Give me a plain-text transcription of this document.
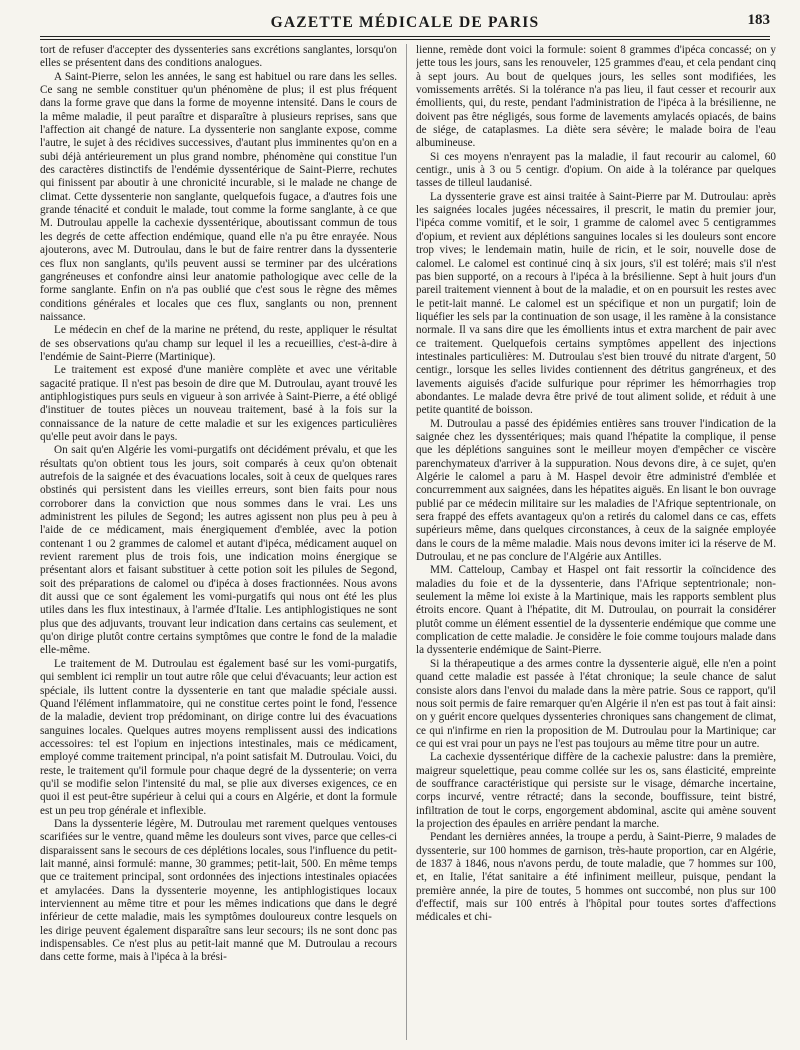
GAZETTE MÉDICALE DE PARIS	183

tort de refuser d'accepter des dyssenteries sans excrétions sanglantes, lorsqu'on elles se présentent dans des conditions analogues.

A Saint-Pierre, selon les années, le sang est habituel ou rare dans les selles. Ce sang ne semble constituer qu'un phénomène de plus; il est plus fréquent dans la forme grave que dans la forme de moyenne intensité. Dans le cours de la même maladie, il peut paraître et disparaître à plusieurs reprises, sans que l'affection ait changé de nature. La dyssenterie non sanglante expose, comme l'autre, le sujet à des récidives successives, d'autant plus imminentes qu'on en a subi déjà antérieurement un plus grand nombre, phénomène qui constitue l'un des caractères distinctifs de l'endémie dyssentérique de Saint-Pierre, rechutes qui finissent par aboutir à une chronicité incurable, si le malade ne change de climat. Cette dyssenterie non sanglante, quelquefois fugace, a d'autres fois une grande ténacité et conduit le malade, tout comme la forme sanglante, à ce que M. Dutroulau appelle la cachexie dyssentérique, aboutissant commun de tous les degrés de cette affection endémique, quand elle n'a pu être enrayée. Nous ajouterons, avec M. Dutroulau, dans le but de faire rentrer dans la dyssenterie ces flux non sanglants, qu'ils peuvent aussi se terminer par des ulcérations gangréneuses et confondre ainsi leur anatomie pathologique avec celle de la forme sanglante. Enfin on n'a pas oublié que c'est sous le règne des mêmes conditions générales et locales que ces flux, sanglants ou non, prennent naissance.

Le médecin en chef de la marine ne prétend, du reste, appliquer le résultat de ses observations qu'au champ sur lequel il les a recueillies, c'est-à-dire à l'endémie de Saint-Pierre (Martinique).

Le traitement est exposé d'une manière complète et avec une véritable sagacité pratique. Il n'est pas besoin de dire que M. Dutroulau, ayant trouvé les antiphlogistiques purs seuls en vigueur à son arrivée à Saint-Pierre, a été obligé d'instituer de toutes pièces un nouveau traitement, basé à la fois sur la connaissance de la nature de cette maladie et sur les exigences particulières qu'elle peut avoir dans le pays.

On sait qu'en Algérie les vomi-purgatifs ont décidément prévalu, et que les résultats qu'on obtient tous les jours, soit comparés à ceux qu'on obtenait autrefois de la saignée et des évacuations locales, soit à ceux de quelques rares obstinés qui persistent dans les vieilles erreurs, sont bien faits pour nous corroborer dans la conviction que nous sommes dans le vrai. Les uns administrent les pilules de Segond; les autres agissent non plus peu à peu à l'aide de ce médicament, mais énergiquement d'emblée, avec la potion contenant 1 ou 2 grammes de calomel et autant d'ipéca, médicament auquel on revient rarement plus de trois fois, une indication moins énergique se présentant alors et faisant substituer à cette potion soit les pilules de Segond, soit des préparations de calomel ou d'ipéca à doses fractionnées. Nous avons dit aussi que ce sont également les vomi-purgatifs qui nous ont été les plus utiles dans les flux intestinaux, à l'armée d'Italie. Les antiphlogistiques ne sont plus que des adjuvants, trouvant leur indication dans certains cas seulement, et qu'on dirige plutôt contre certains symptômes que contre le fond de la maladie elle-même.

Le traitement de M. Dutroulau est également basé sur les vomi-purgatifs, qui semblent ici remplir un tout autre rôle que celui d'évacuants; leur action est spéciale, ils luttent contre la dyssenterie en tant que maladie spéciale aussi. Quand l'élément inflammatoire, qui ne constitue certes point le fond, l'essence de la maladie, devient trop prédominant, on dirige contre lui des évacuations sanguines locales. Quelques autres moyens remplissent aussi des indications accessoires: tel est l'opium en injections intestinales, mais ce médicament, employé comme traitement principal, n'a point satisfait M. Dutroulau. Voici, du reste, le traitement qu'il formule pour chaque degré de la dyssenterie; on verra qu'il se modifie selon l'intensité du mal, se plie aux diverses exigences, ce en quoi il est peut-être supérieur à celui qui a cours en Algérie, et dont la formule est un peu trop générale et inflexible.

Dans la dyssenterie légère, M. Dutroulau met rarement quelques ventouses scarifiées sur le ventre, quand même les douleurs sont vives, parce que celles-ci disparaissent sans le secours de ces déplétions locales, sous l'influence du petit-lait manné, ainsi formulé: manne, 30 grammes; petit-lait, 500. En même temps que ce traitement principal, sont ordonnées des injections intestinales opiacées et amylacées. Dans la dyssenterie moyenne, les antiphlogistiques locaux interviennent au même titre et pour les mêmes indications que dans le degré inférieur de cette maladie, mais les symptômes douloureux contre lesquels on les dirige peuvent également disparaître sans leur secours; ils ne sont donc pas indispensables. Ce n'est plus au petit-lait manné que M. Dutroulau a recours dans cette forme, mais à l'ipéca à la brési-

lienne, remède dont voici la formule: soient 8 grammes d'ipéca concassé; on y jette tous les jours, sans les renouveler, 125 grammes d'eau, et cela pendant cinq à sept jours. Au bout de quelques jours, les selles sont modifiées, les vomissements arrêtés. Si la tolérance n'a pas lieu, il faut cesser et recourir aux émollients, qui, du reste, pendant l'administration de l'ipéca à la brésilienne, ne doivent pas être négligés, sous forme de lavements amylacés opiacés, de bains de siége, de cataplasmes. La diète sera sévère; le malade boira de l'eau albumineuse.

Si ces moyens n'enrayent pas la maladie, il faut recourir au calomel, 60 centigr., unis à 3 ou 5 centigr. d'opium. On aide à la tolérance par quelques tasses de tilleul laudanisé.

La dyssenterie grave est ainsi traitée à Saint-Pierre par M. Dutroulau: après les saignées locales jugées nécessaires, il prescrit, le matin du premier jour, l'ipéca comme vomitif, et le soir, 1 gramme de calomel avec 5 centigrammes d'opium, et revient aux déplétions sanguines locales si les douleurs sont encore trop vives; le lendemain matin, huile de ricin, et le soir, nouvelle dose de calomel. Le calomel est continué cinq à six jours, s'il est toléré; mais s'il n'est pas bien supporté, on a recours à l'ipéca à la brésilienne. Sept à huit jours d'un pareil traitement viennent à bout de la maladie, et on en poursuit les restes avec le petit-lait manné. Le calomel est un spécifique et non un purgatif; loin de liquéfier les sels par la continuation de son usage, il les ramène à la consistance normale. Il va sans dire que les émollients intus et extra marchent de pair avec ce traitement. Quelquefois certains symptômes appellent des injections intestinales particulières: M. Dutroulau s'est bien trouvé du nitrate d'argent, 50 centigr., lorsque les selles livides contiennent des détritus gangréneux, et des lavements aiguisés d'acide sulfurique pour réprimer les hémorrhagies trop abondantes. Le malade devra être privé de tout aliment solide, et réduit à une petite quantité de boisson.

M. Dutroulau a passé des épidémies entières sans trouver l'indication de la saignée chez les dyssentériques; mais quand l'hépatite la complique, il pense que les déplétions sanguines sont le meilleur moyen d'empêcher ce viscère parenchymateux d'arriver à la suppuration. Nous devons dire, à ce sujet, qu'en Algérie le calomel a paru à M. Haspel devoir être administré d'emblée et concurremment aux saignées, dans les hépatites aiguës. En lisant le bon ouvrage publié par ce médecin militaire sur les maladies de l'Afrique septentrionale, on sera frappé des effets avantageux qu'on a retirés du calomel dans ce cas, effets supérieurs même, dans quelques circonstances, à ceux de la saignée employée dans le cours de la même maladie. Mais nous devons imiter ici la réserve de M. Dutroulau, et ne pas conclure de l'Algérie aux Antilles.

MM. Catteloup, Cambay et Haspel ont fait ressortir la coïncidence des maladies du foie et de la dyssenterie, dans l'Afrique septentrionale; non-seulement la même loi existe à la Martinique, mais les rapports semblent plus étroits encore. Quant à l'hépatite, dit M. Dutroulau, on pourrait la considérer plutôt comme un élément essentiel de la dyssenterie endémique que comme une complication de cette maladie. Je considère le foie comme toujours malade dans la dyssenterie endémique de Saint-Pierre.

Si la thérapeutique a des armes contre la dyssenterie aiguë, elle n'en a point quand cette maladie est passée à l'état chronique; la seule chance de salut consiste alors dans l'envoi du malade dans la mère patrie. Sous ce rapport, qu'il nous soit permis de faire remarquer qu'en Algérie il n'en est pas tout à fait ainsi: on y guérit encore quelques dyssenteries chroniques sans changement de climat, ce qui n'infirme en rien la proposition de M. Dutroulau pour la Martinique; car ce qui est vrai pour un pays ne l'est pas toujours au même titre pour un autre.

La cachexie dyssentérique diffère de la cachexie palustre: dans la première, maigreur squelettique, peau comme collée sur les os, sans élasticité, empreinte de souffrance caractéristique qui persiste sur le visage, démarche incertaine, corps incurvé, ventre rétracté; dans la seconde, bouffissure, teint bistré, infiltration de tout le corps, engorgement abdominal, ascite qui amène souvent la projection des épaules en arrière pendant la marche.

Pendant les dernières années, la troupe a perdu, à Saint-Pierre, 9 malades de dyssenterie, sur 100 hommes de garnison, très-haute proportion, car en Algérie, de 1837 à 1846, nous n'avons perdu, de toute maladie, que 7 hommes sur 100, et, en Italie, l'état sanitaire a été infiniment meilleur, puisque, pendant la première année, la pire de toutes, 5 hommes ont succombé, non plus sur 100 d'effectif, mais sur 100 entrés à l'hôpital pour toutes sortes d'affections médicales et chi-
